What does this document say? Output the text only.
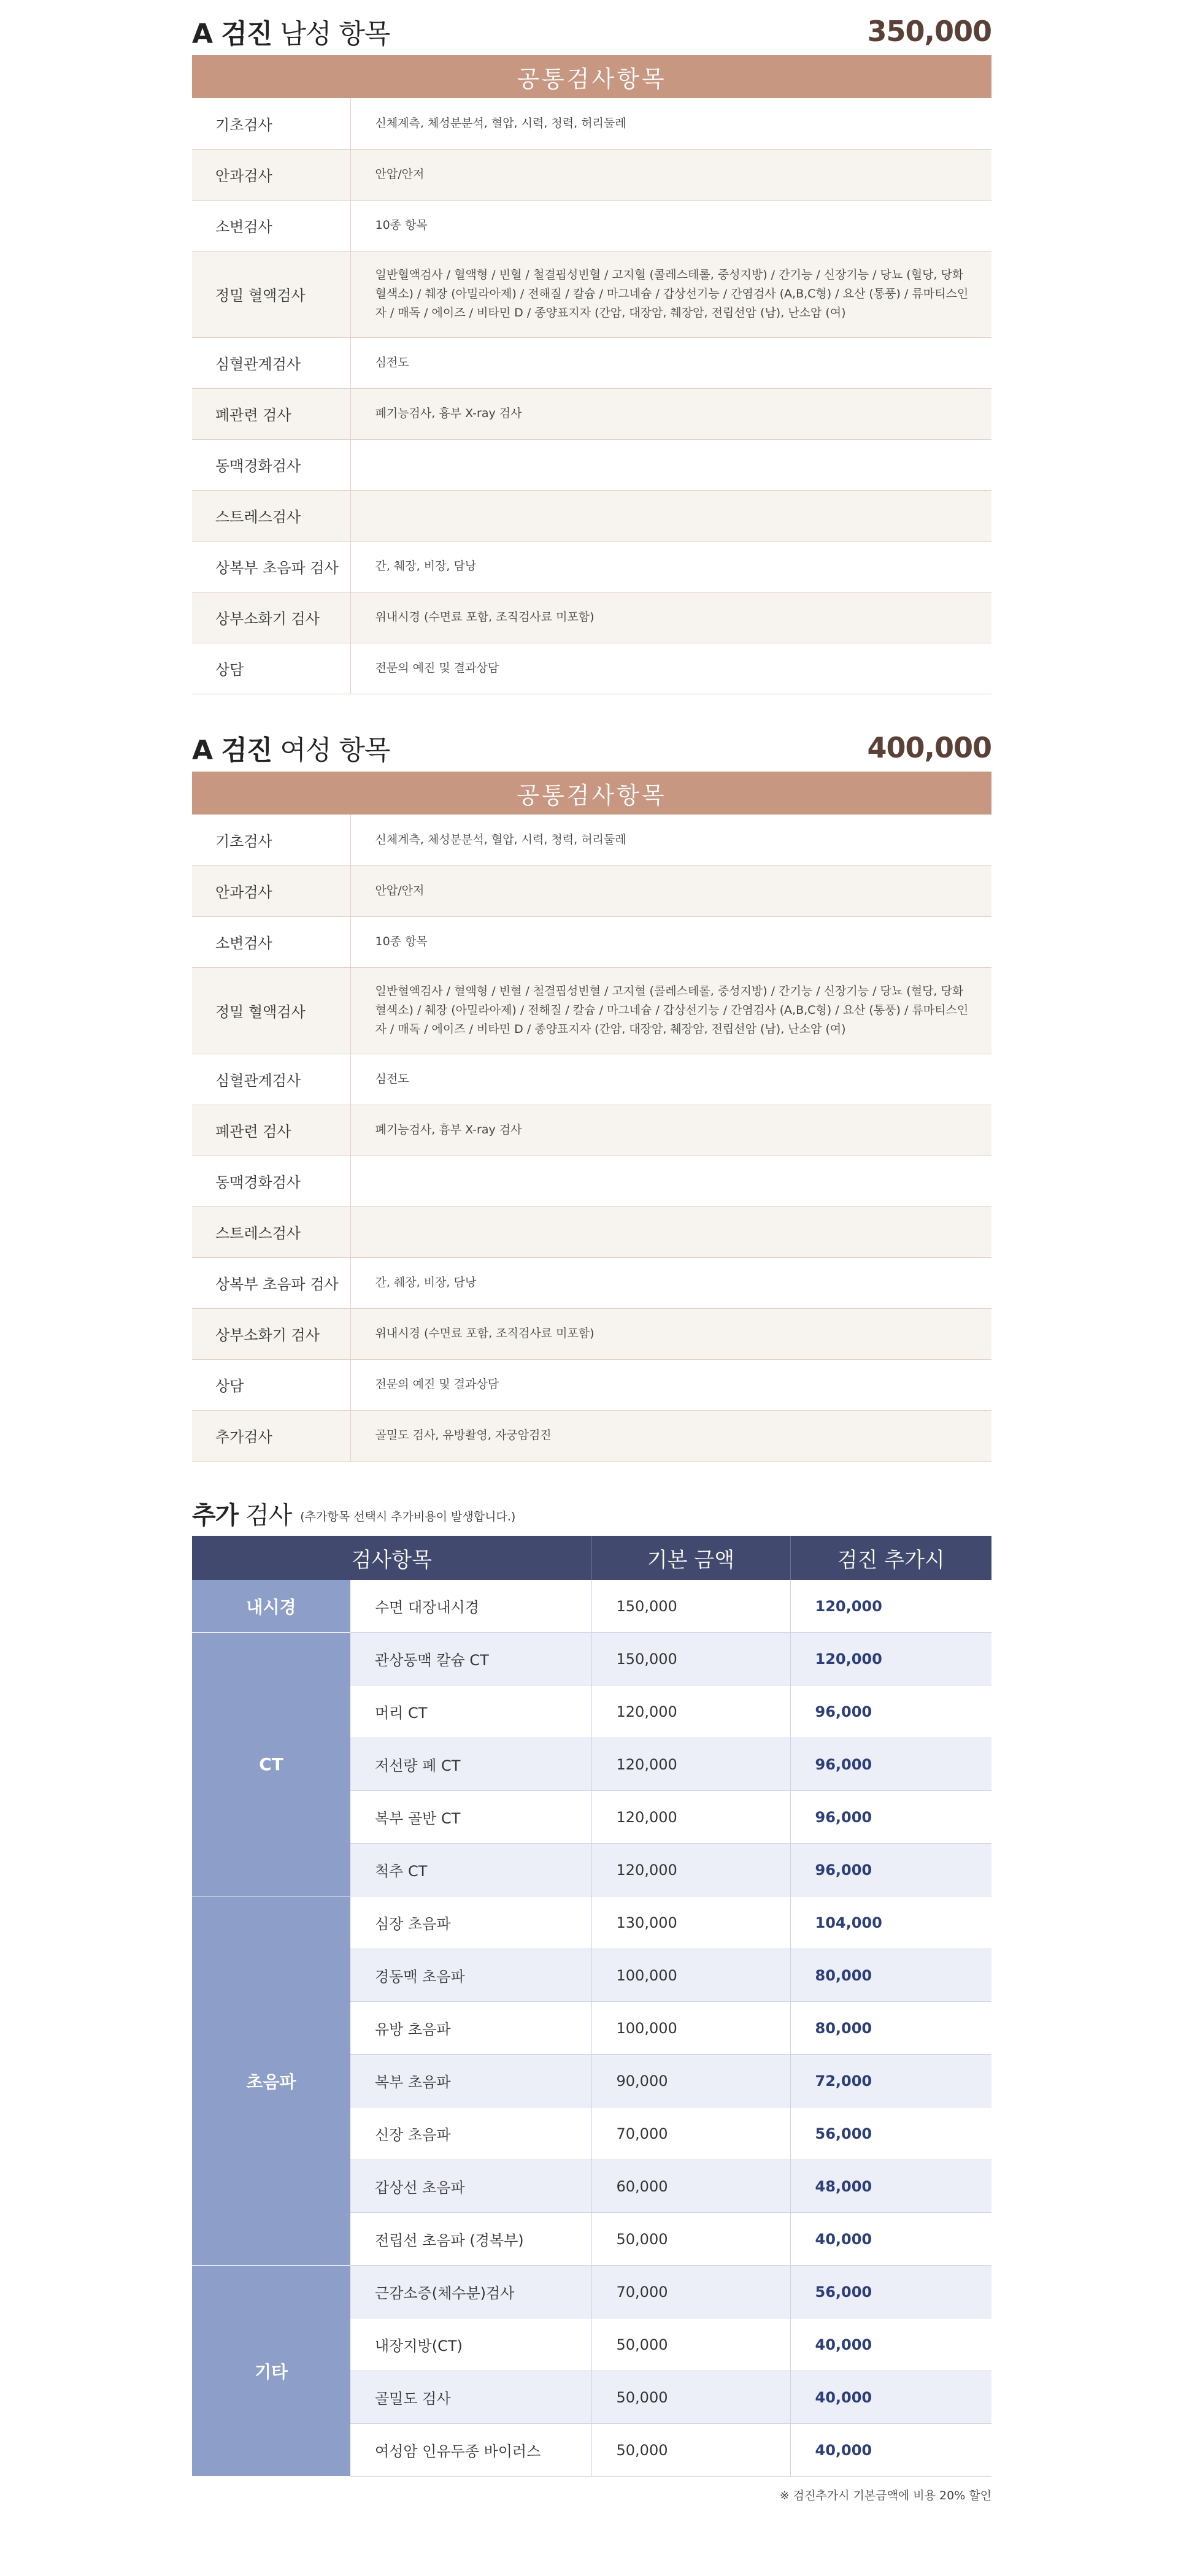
A 검진 남성 항목	350,000
공통검사항목
기초검사	신체계측, 체성분분석, 혈압, 시력, 청력, 허리둘레
안과검사	안압/안저
소변검사	10종 항목
정밀 혈액검사	일반혈액검사 / 혈액형 / 빈혈 / 철결핍성빈혈 / 고지혈 (콜레스테롤, 중성지방) / 간기능 / 신장기능 / 당뇨 (혈당, 당화혈색소) / 췌장 (아밀라아제) / 전해질 / 칼슘 / 마그네슘 / 갑상선기능 / 간염검사 (A,B,C형) / 요산 (통풍) / 류마티스인자 / 매독 / 에이즈 / 비타민 D / 종양표지자 (간암, 대장암, 췌장암, 전립선암 (남), 난소암 (여)
심혈관계검사	심전도
폐관련 검사	폐기능검사, 흉부 X-ray 검사
동맥경화검사	
스트레스검사	
상복부 초음파 검사	간, 췌장, 비장, 담낭
상부소화기 검사	위내시경 (수면료 포함, 조직검사료 미포함)
상담	전문의 예진 및 결과상담
A 검진 여성 항목	400,000
공통검사항목
기초검사	신체계측, 체성분분석, 혈압, 시력, 청력, 허리둘레
안과검사	안압/안저
소변검사	10종 항목
정밀 혈액검사	일반혈액검사 / 혈액형 / 빈혈 / 철결핍성빈혈 / 고지혈 (콜레스테롤, 중성지방) / 간기능 / 신장기능 / 당뇨 (혈당, 당화혈색소) / 췌장 (아밀라아제) / 전해질 / 칼슘 / 마그네슘 / 갑상선기능 / 간염검사 (A,B,C형) / 요산 (통풍) / 류마티스인자 / 매독 / 에이즈 / 비타민 D / 종양표지자 (간암, 대장암, 췌장암, 전립선암 (남), 난소암 (여)
심혈관계검사	심전도
폐관련 검사	폐기능검사, 흉부 X-ray 검사
동맥경화검사	
스트레스검사	
상복부 초음파 검사	간, 췌장, 비장, 담낭
상부소화기 검사	위내시경 (수면료 포함, 조직검사료 미포함)
상담	전문의 예진 및 결과상담
추가검사	골밀도 검사, 유방촬영, 자궁암검진
추가 검사 (추가항목 선택시 추가비용이 발생합니다.)
검사항목		기본 금액	검진 추가시
내시경	수면 대장내시경	150,000	120,000
CT	관상동맥 칼슘 CT	150,000	120,000
	머리 CT	120,000	96,000
	저선량 폐 CT	120,000	96,000
	복부 골반 CT	120,000	96,000
	척추 CT	120,000	96,000
초음파	심장 초음파	130,000	104,000
	경동맥 초음파	100,000	80,000
	유방 초음파	100,000	80,000
	복부 초음파	90,000	72,000
	신장 초음파	70,000	56,000
	갑상선 초음파	60,000	48,000
	전립선 초음파 (경복부)	50,000	40,000
기타	근감소증(체수분)검사	70,000	56,000
	내장지방(CT)	50,000	40,000
	골밀도 검사	50,000	40,000
	여성암 인유두종 바이러스	50,000	40,000
※ 검진추가시 기본금액에 비용 20% 할인
